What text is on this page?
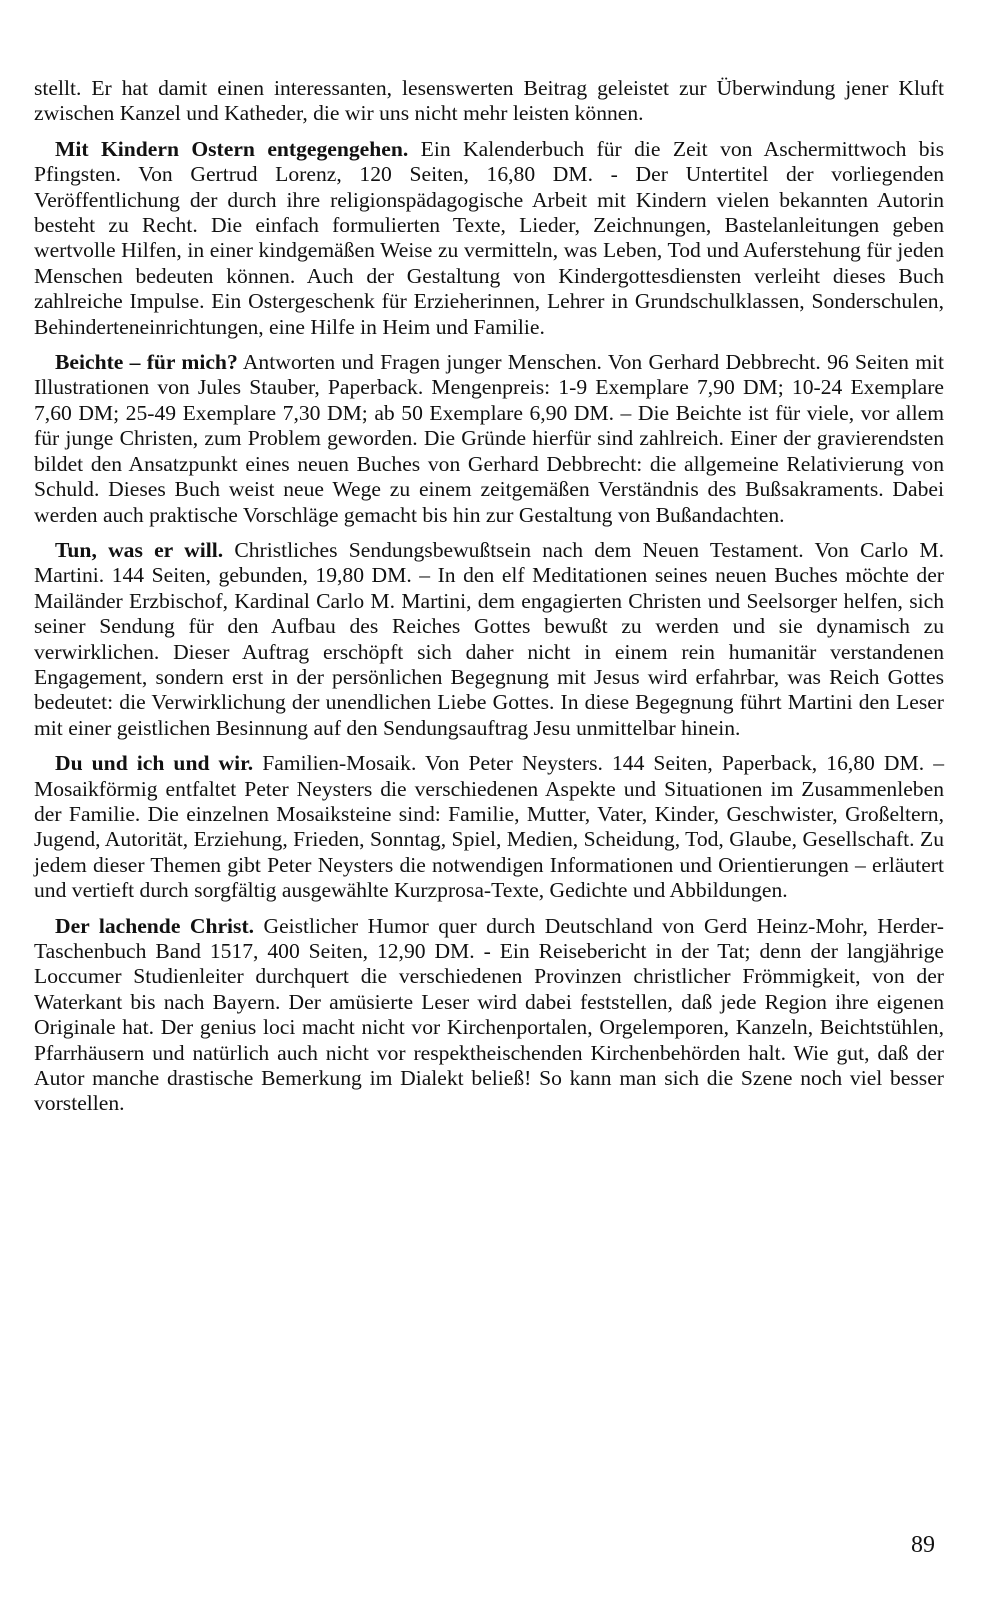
stellt. Er hat damit einen interessanten, lesenswerten Beitrag geleistet zur Überwindung jener Kluft zwischen Kanzel und Katheder, die wir uns nicht mehr leisten können.

Mit Kindern Ostern entgegengehen. Ein Kalenderbuch für die Zeit von Aschermittwoch bis Pfingsten. Von Gertrud Lorenz, 120 Seiten, 16,80 DM. - Der Untertitel der vorliegenden Veröffentlichung der durch ihre religionspädagogische Arbeit mit Kindern vielen bekannten Autorin besteht zu Recht. Die einfach formulierten Texte, Lieder, Zeichnungen, Bastelanleitungen geben wertvolle Hilfen, in einer kindgemäßen Weise zu vermitteln, was Leben, Tod und Auferstehung für jeden Menschen bedeuten können. Auch der Gestaltung von Kindergottesdiensten verleiht dieses Buch zahlreiche Impulse. Ein Ostergeschenk für Erzieherinnen, Lehrer in Grundschulklassen, Sonderschulen, Behinderteneinrichtungen, eine Hilfe in Heim und Familie.

Beichte – für mich? Antworten und Fragen junger Menschen. Von Gerhard Debbrecht. 96 Seiten mit Illustrationen von Jules Stauber, Paperback. Mengenpreis: 1-9 Exemplare 7,90 DM; 10-24 Exemplare 7,60 DM; 25-49 Exemplare 7,30 DM; ab 50 Exemplare 6,90 DM. – Die Beichte ist für viele, vor allem für junge Christen, zum Problem geworden. Die Gründe hierfür sind zahlreich. Einer der gravierendsten bildet den Ansatzpunkt eines neuen Buches von Gerhard Debbrecht: die allgemeine Relativierung von Schuld. Dieses Buch weist neue Wege zu einem zeitgemäßen Verständnis des Bußsakraments. Dabei werden auch praktische Vorschläge gemacht bis hin zur Gestaltung von Bußandachten.

Tun, was er will. Christliches Sendungsbewußtsein nach dem Neuen Testament. Von Carlo M. Martini. 144 Seiten, gebunden, 19,80 DM. – In den elf Meditationen seines neuen Buches möchte der Mailänder Erzbischof, Kardinal Carlo M. Martini, dem engagierten Christen und Seelsorger helfen, sich seiner Sendung für den Aufbau des Reiches Gottes bewußt zu werden und sie dynamisch zu verwirklichen. Dieser Auftrag erschöpft sich daher nicht in einem rein humanitär verstandenen Engagement, sondern erst in der persönlichen Begegnung mit Jesus wird erfahrbar, was Reich Gottes bedeutet: die Verwirklichung der unendlichen Liebe Gottes. In diese Begegnung führt Martini den Leser mit einer geistlichen Besinnung auf den Sendungsauftrag Jesu unmittelbar hinein.

Du und ich und wir. Familien-Mosaik. Von Peter Neysters. 144 Seiten, Paperback, 16,80 DM. – Mosaikförmig entfaltet Peter Neysters die verschiedenen Aspekte und Situationen im Zusammenleben der Familie. Die einzelnen Mosaiksteine sind: Familie, Mutter, Vater, Kinder, Geschwister, Großeltern, Jugend, Autorität, Erziehung, Frieden, Sonntag, Spiel, Medien, Scheidung, Tod, Glaube, Gesellschaft. Zu jedem dieser Themen gibt Peter Neysters die notwendigen Informationen und Orientierungen – erläutert und vertieft durch sorgfältig ausgewählte Kurzprosa-Texte, Gedichte und Abbildungen.

Der lachende Christ. Geistlicher Humor quer durch Deutschland von Gerd Heinz-Mohr, Herder-Taschenbuch Band 1517, 400 Seiten, 12,90 DM. - Ein Reisebericht in der Tat; denn der langjährige Loccumer Studienleiter durchquert die verschiedenen Provinzen christlicher Frömmigkeit, von der Waterkant bis nach Bayern. Der amüsierte Leser wird dabei feststellen, daß jede Region ihre eigenen Originale hat. Der genius loci macht nicht vor Kirchenportalen, Orgelemporen, Kanzeln, Beichtstühlen, Pfarrhäusern und natürlich auch nicht vor respektheischenden Kirchenbehörden halt. Wie gut, daß der Autor manche drastische Bemerkung im Dialekt beließ! So kann man sich die Szene noch viel besser vorstellen.

89
